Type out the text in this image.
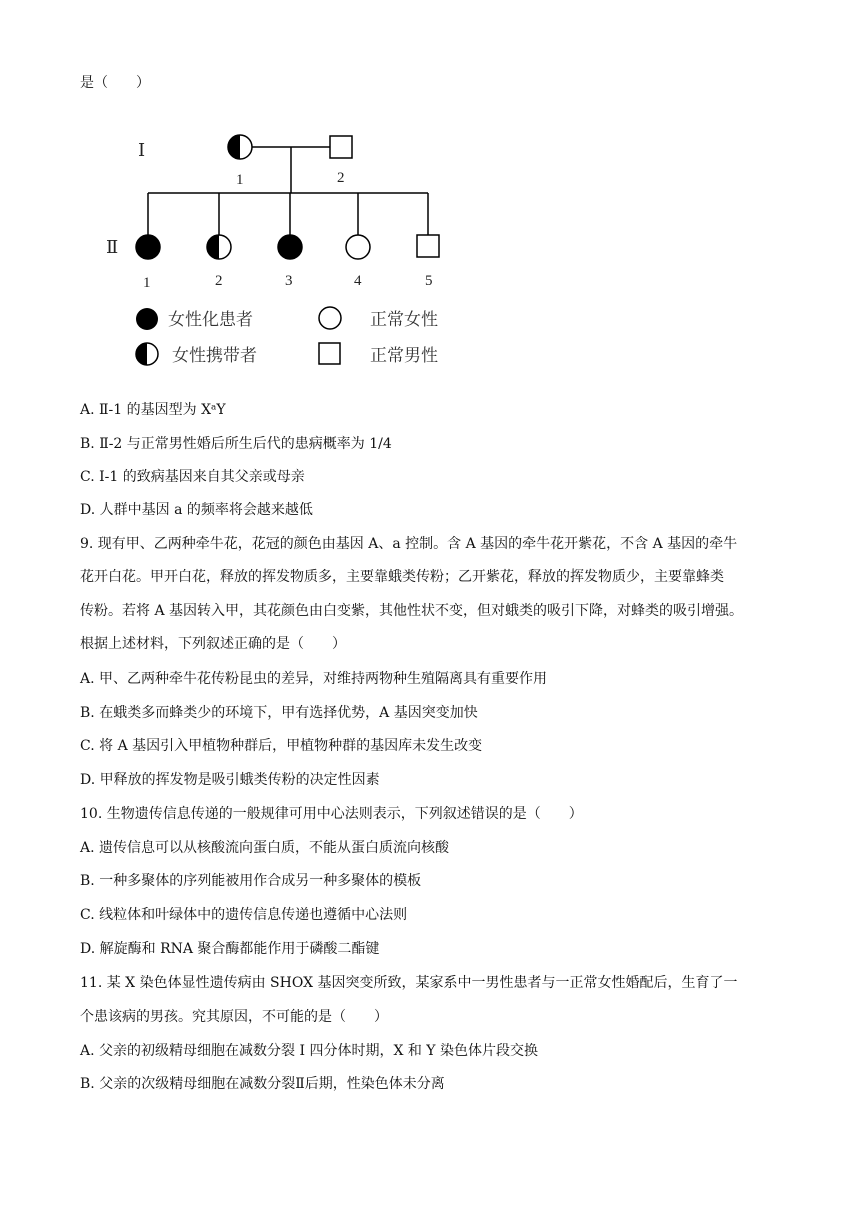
是（　　）
Ⅰ
Ⅱ
1	2
1	2	3	4	5
女性化患者	正常女性
女性携带者	正常男性
A. Ⅱ-1 的基因型为 XᵃY
B. Ⅱ-2 与正常男性婚后所生后代的患病概率为 1/4
C. I-1 的致病基因来自其父亲或母亲
D. 人群中基因 a 的频率将会越来越低
9. 现有甲、乙两种牵牛花，花冠的颜色由基因 A、a 控制。含 A 基因的牵牛花开紫花，不含 A 基因的牵牛
花开白花。甲开白花，释放的挥发物质多，主要靠蛾类传粉；乙开紫花，释放的挥发物质少，主要靠蜂类
传粉。若将 A 基因转入甲，其花颜色由白变紫，其他性状不变，但对蛾类的吸引下降，对蜂类的吸引增强。
根据上述材料，下列叙述正确的是（　　）
A. 甲、乙两种牵牛花传粉昆虫的差异，对维持两物种生殖隔离具有重要作用
B. 在蛾类多而蜂类少的环境下，甲有选择优势，A 基因突变加快
C. 将 A 基因引入甲植物种群后，甲植物种群的基因库未发生改变
D. 甲释放的挥发物是吸引蛾类传粉的决定性因素
10. 生物遗传信息传递的一般规律可用中心法则表示，下列叙述错误的是（　　）
A. 遗传信息可以从核酸流向蛋白质，不能从蛋白质流向核酸
B. 一种多聚体的序列能被用作合成另一种多聚体的模板
C. 线粒体和叶绿体中的遗传信息传递也遵循中心法则
D. 解旋酶和 RNA 聚合酶都能作用于磷酸二酯键
11. 某 X 染色体显性遗传病由 SHOX 基因突变所致，某家系中一男性患者与一正常女性婚配后，生育了一
个患该病的男孩。究其原因，不可能的是（　　）
A. 父亲的初级精母细胞在减数分裂 I 四分体时期，X 和 Y 染色体片段交换
B. 父亲的次级精母细胞在减数分裂Ⅱ后期，性染色体未分离
